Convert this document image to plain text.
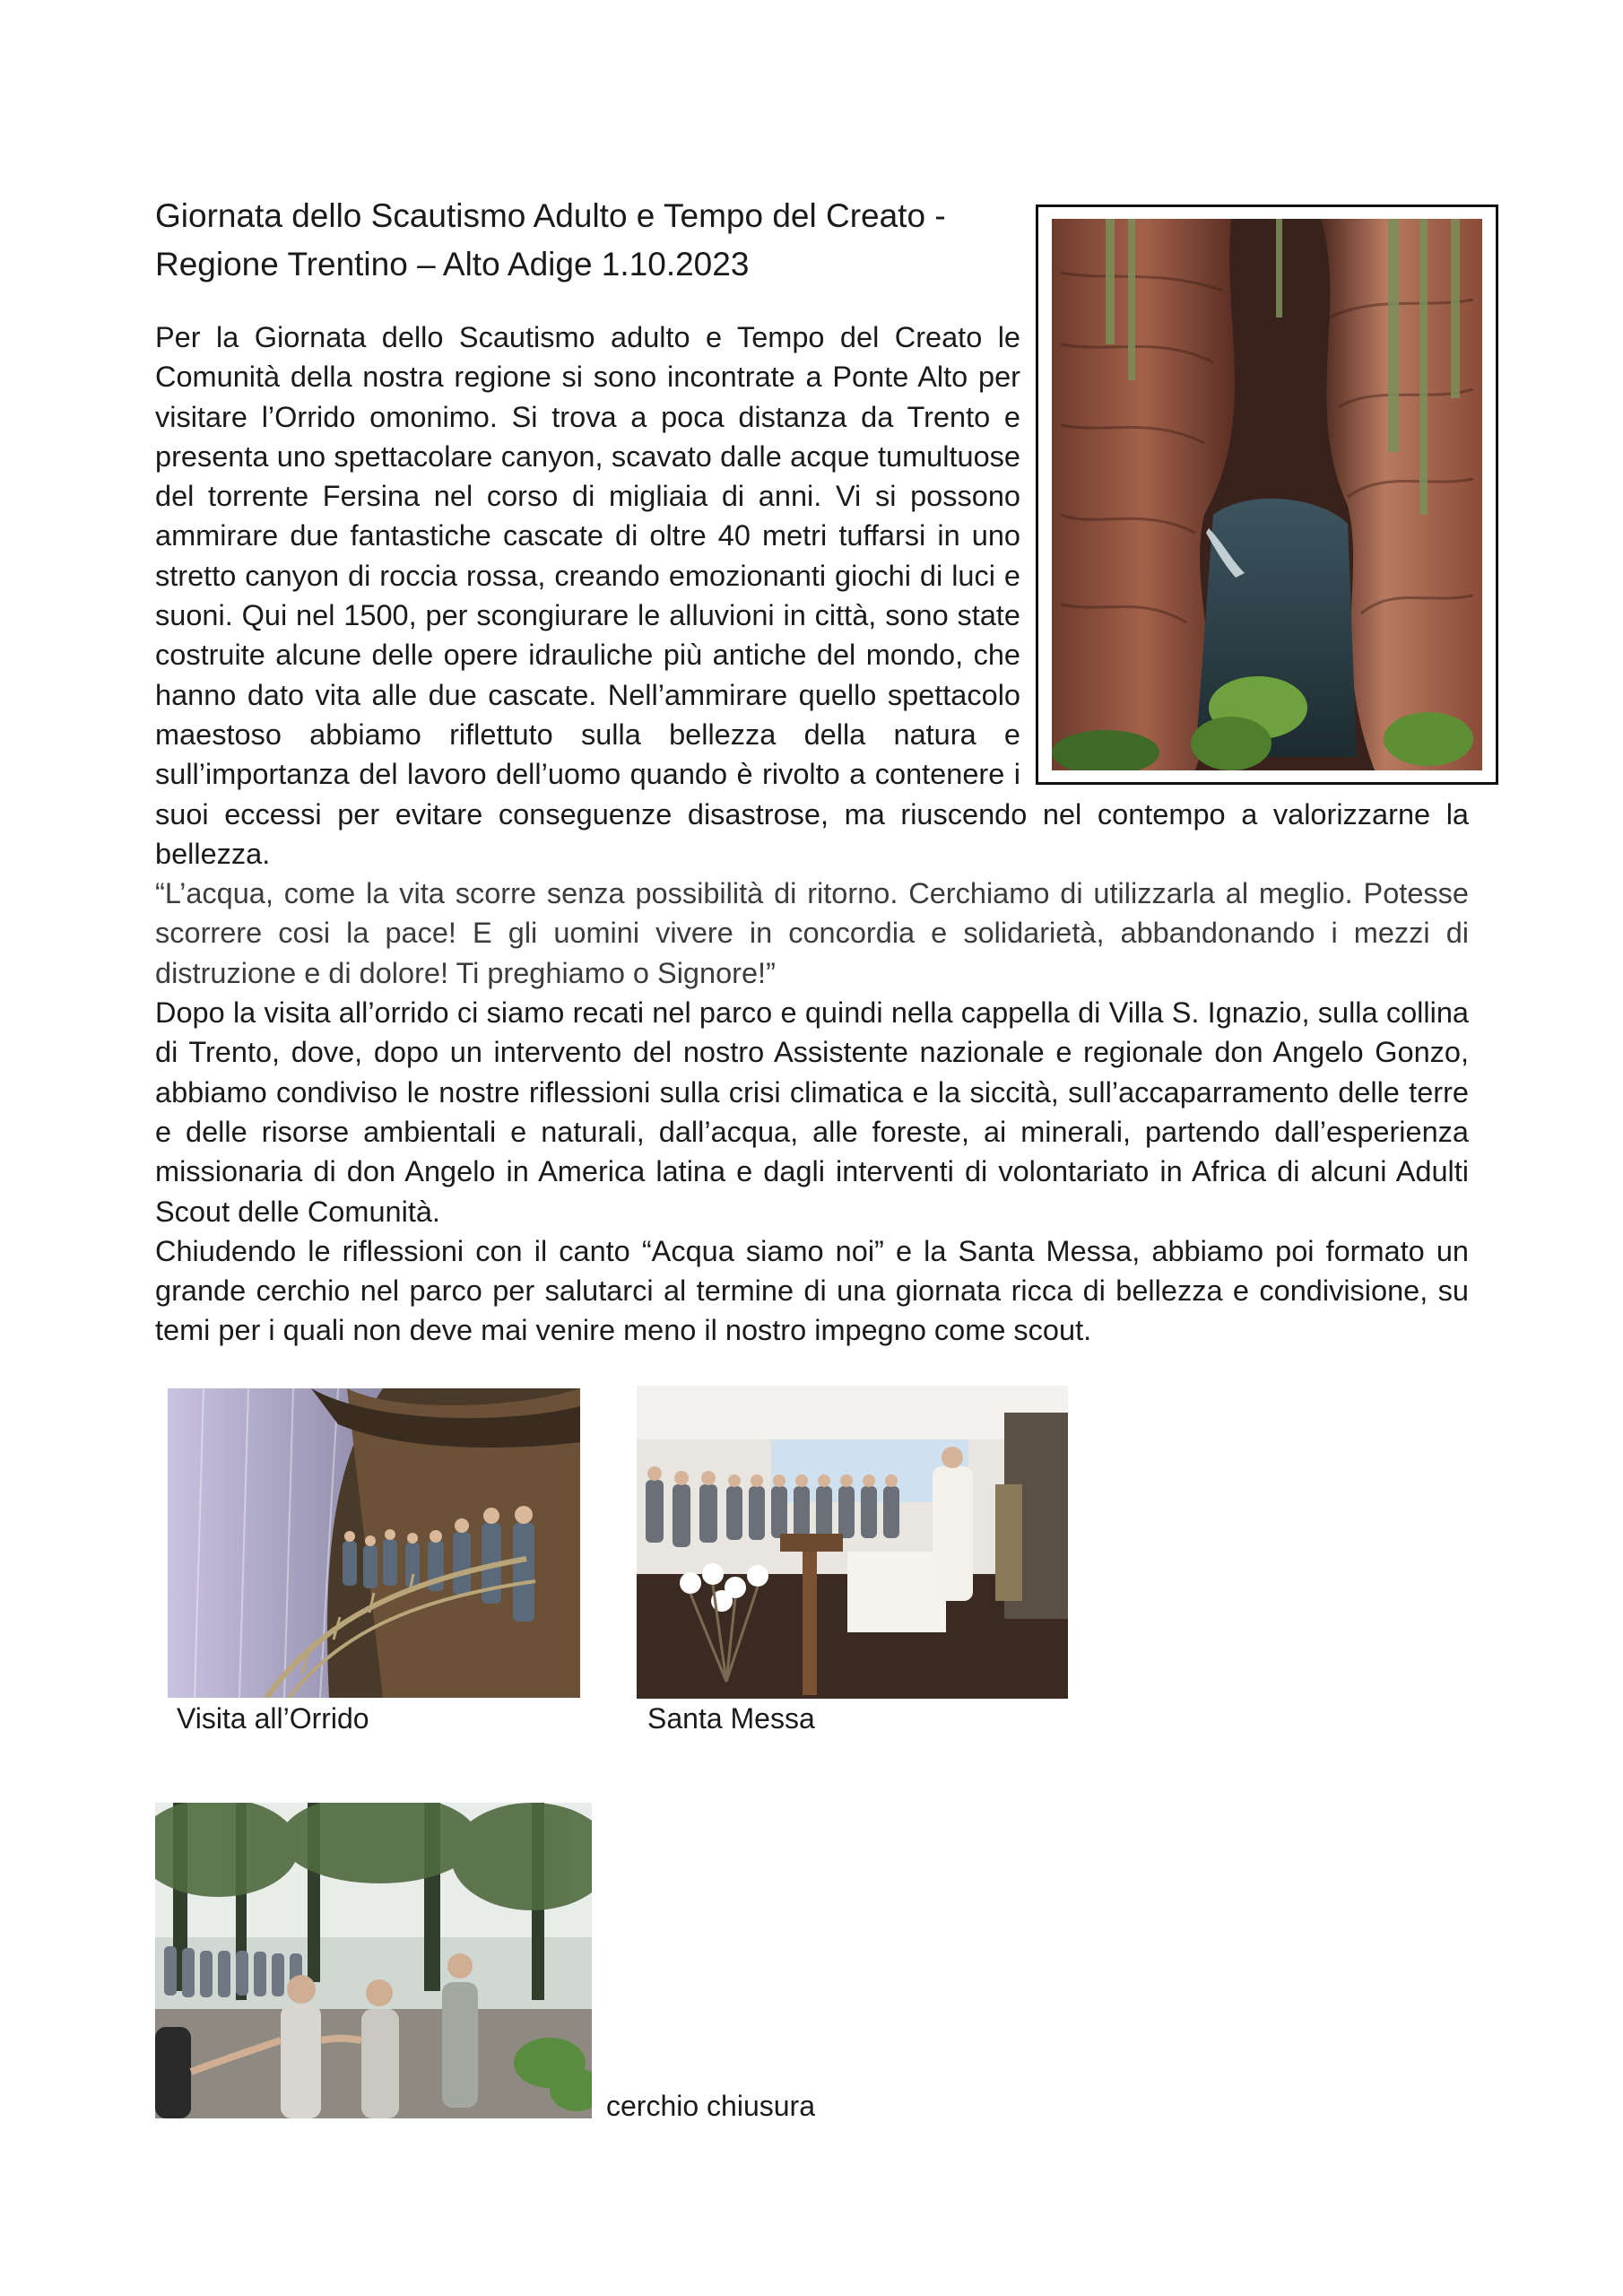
Giornata dello Scautismo Adulto e Tempo del Creato -
Regione Trentino – Alto Adige 1.10.2023
Per la Giornata dello Scautismo adulto e Tempo del Creato le Comunità della nostra regione si sono incontrate a Ponte Alto per visitare l’Orrido omonimo. Si trova a poca distanza da Trento e presenta uno spettacolare canyon, scavato dalle acque tumultuose del torrente Fersina nel corso di migliaia di anni. Vi si possono ammirare due fantastiche cascate di oltre 40 metri tuffarsi in uno stretto canyon di roccia rossa, creando emozionanti giochi di luci e suoni. Qui nel 1500, per scongiurare le alluvioni in città, sono state costruite alcune delle opere idrauliche più antiche del mondo, che hanno dato vita alle due cascate. Nell’ammirare quello spettacolo maestoso abbiamo riflettuto sulla bellezza della natura e sull’importanza del lavoro dell’uomo quando è rivolto a contenere i suoi eccessi per evitare conseguenze disastrose, ma riuscendo nel contempo a valorizzarne la bellezza.
“L’acqua, come la vita scorre senza possibilità di ritorno. Cerchiamo di utilizzarla al meglio. Potesse scorrere cosi la pace! E gli uomini vivere in concordia e solidarietà, abbandonando i mezzi di distruzione e di dolore! Ti preghiamo o Signore!”
Dopo la visita all’orrido ci siamo recati nel parco e quindi nella cappella di Villa S. Ignazio, sulla collina di Trento, dove, dopo un intervento del nostro Assistente nazionale e regionale don Angelo Gonzo, abbiamo condiviso le nostre riflessioni sulla crisi climatica e la siccità, sull’accaparramento delle terre e delle risorse ambientali e naturali, dall’acqua, alle foreste, ai minerali, partendo dall’esperienza missionaria di don Angelo in America latina e dagli interventi di volontariato in Africa di alcuni Adulti Scout delle Comunità.
Chiudendo le riflessioni con il canto “Acqua siamo noi” e la Santa Messa, abbiamo poi formato un grande cerchio nel parco per salutarci al termine di una giornata ricca di bellezza e condivisione, su temi per i quali non deve mai venire meno il nostro impegno come scout.
Visita all’Orrido	Santa Messa
cerchio chiusura
